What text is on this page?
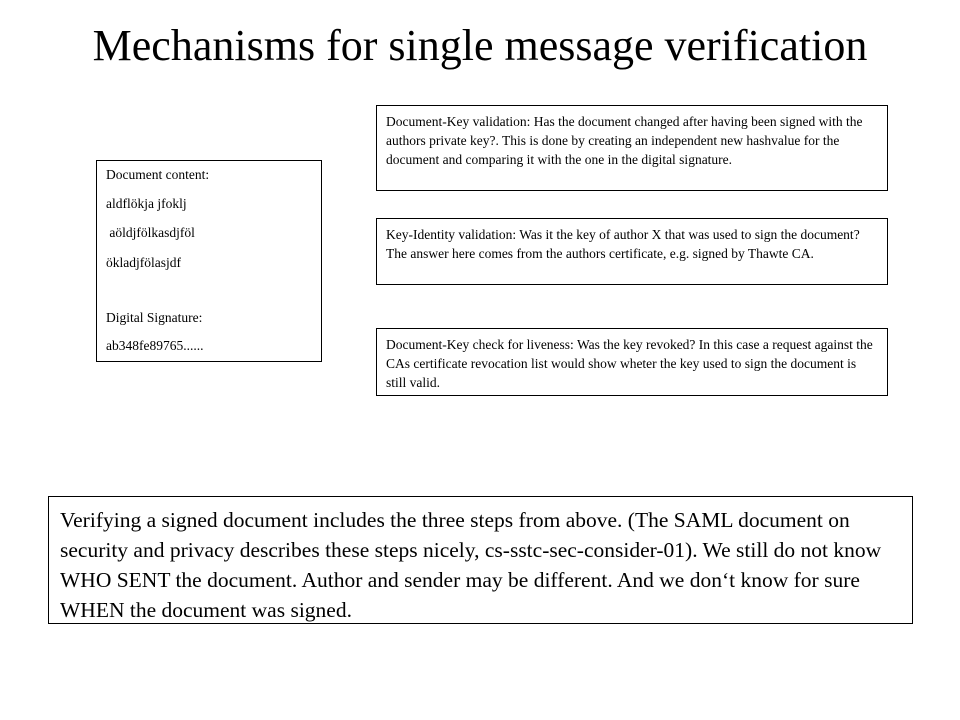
Mechanisms for single message verification
Document content:
aldflökja jfoklj
aöldjfölkasdjföl
ökladjfölasjdf
Digital Signature:
ab348fe89765......
Document-Key validation: Has the document changed after having been signed with the authors private key?. This is done by creating an independent new hashvalue for the document and comparing it with the one in the digital signature.
Key-Identity validation: Was it the key of author X that was used to sign the document? The answer here comes from the authors certificate, e.g. signed by Thawte CA.
Document-Key check for liveness: Was the key revoked? In this case a request against the CAs certificate revocation list would show wheter the key used to sign the document is still valid.
Verifying a signed document includes the three steps from above. (The SAML document on security and privacy describes these steps nicely, cs-sstc-sec-consider-01). We still do not know WHO SENT the document. Author and sender may be different. And we don‘t know for sure WHEN the document was signed.
